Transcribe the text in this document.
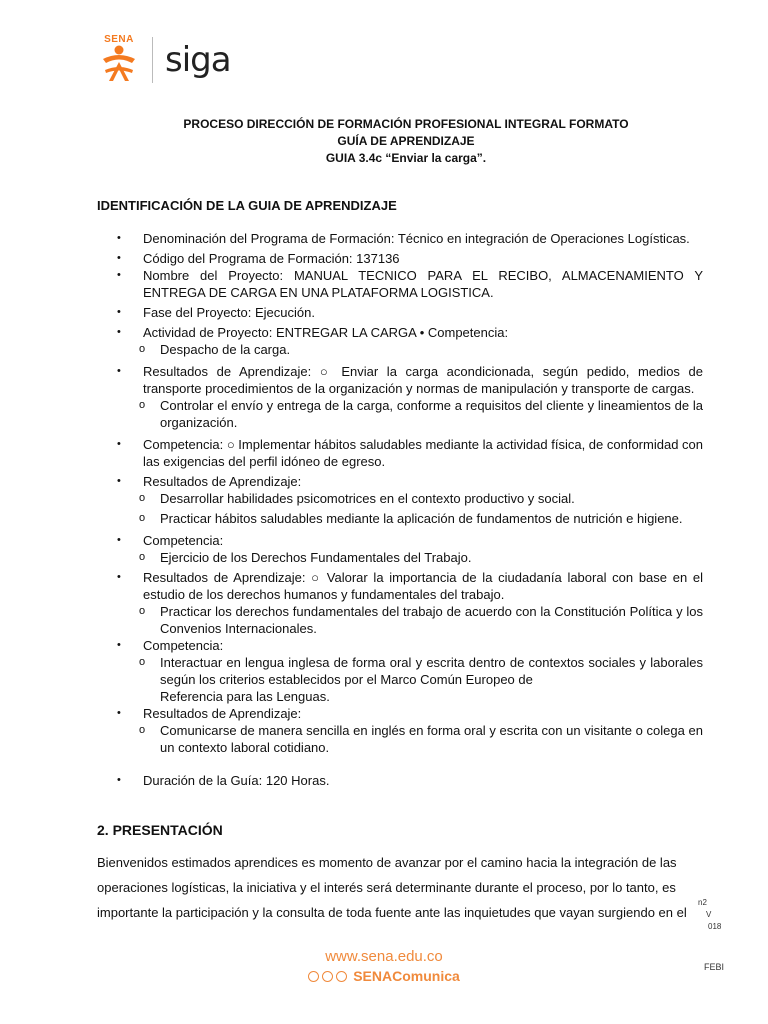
SENA
siga
PROCESO DIRECCIÓN DE FORMACIÓN PROFESIONAL INTEGRAL FORMATO
GUÍA DE APRENDIZAJE
GUIA 3.4c “Enviar la carga”.
IDENTIFICACIÓN DE LA GUIA DE APRENDIZAJE
•	Denominación del Programa de Formación: Técnico en integración de Operaciones Logísticas.
•	Código del Programa de Formación: 137136
•	Nombre del Proyecto: MANUAL TECNICO PARA EL RECIBO, ALMACENAMIENTO Y ENTREGA DE CARGA EN UNA PLATAFORMA LOGISTICA.
•	Fase del Proyecto: Ejecución.
•	Actividad de Proyecto: ENTREGAR LA CARGA • Competencia:
o Despacho de la carga.
•	Resultados de Aprendizaje: ○ Enviar la carga acondicionada, según pedido, medios de transporte procedimientos de la organización y normas de manipulación y transporte de cargas.
o Controlar el envío y entrega de la carga, conforme a requisitos del cliente y lineamientos de la organización.
•	Competencia: ○ Implementar hábitos saludables mediante la actividad física, de conformidad con las exigencias del perfil idóneo de egreso.
•	Resultados de Aprendizaje:
o Desarrollar habilidades psicomotrices en el contexto productivo y social.
o Practicar hábitos saludables mediante la aplicación de fundamentos de nutrición e higiene.
•	Competencia:
o Ejercicio de los Derechos Fundamentales del Trabajo.
•	Resultados de Aprendizaje: ○ Valorar la importancia de la ciudadanía laboral con base en el estudio de los derechos humanos y fundamentales del trabajo.
o Practicar los derechos fundamentales del trabajo de acuerdo con la Constitución Política y los Convenios Internacionales.
•	Competencia:
o Interactuar en lengua inglesa de forma oral y escrita dentro de contextos sociales y laborales según los criterios establecidos por el Marco Común Europeo de
Referencia para las Lenguas.
•	Resultados de Aprendizaje:
o Comunicarse de manera sencilla en inglés en forma oral y escrita con un visitante o colega en un contexto laboral cotidiano.
•	Duración de la Guía: 120 Horas.
2. PRESENTACIÓN
Bienvenidos estimados aprendices es momento de avanzar por el camino hacia la integración de las
operaciones logísticas, la iniciativa y el interés será determinante durante el proceso, por lo tanto, es
importante la participación y la consulta de toda fuente ante las inquietudes que vayan surgiendo en el
n2
V
018
FEBI
www.sena.edu.co
SENAComunica
